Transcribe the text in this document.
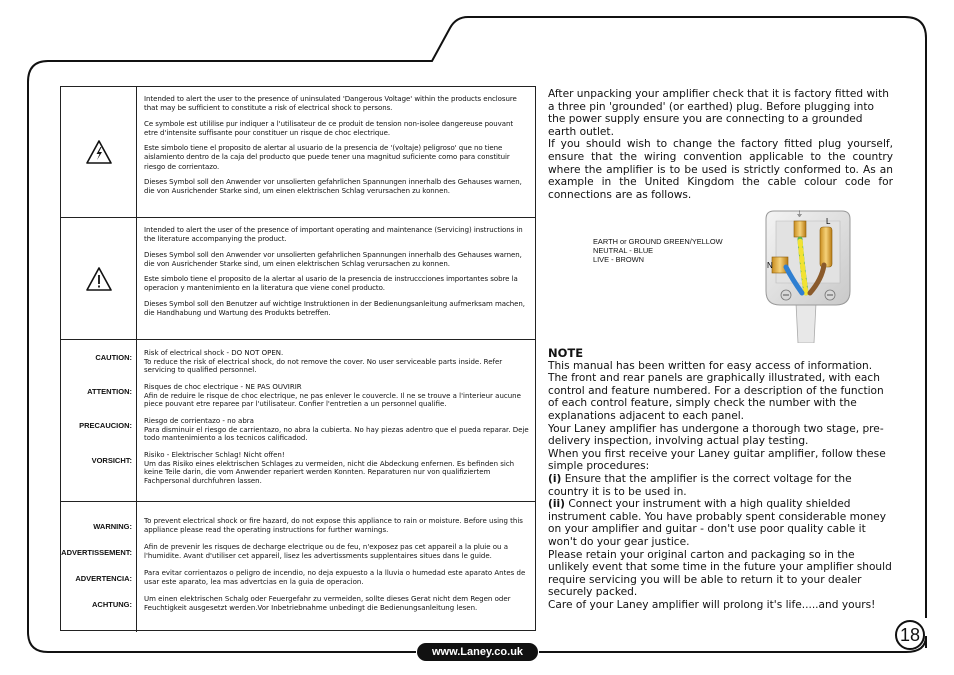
Intended to alert the user to the presence of uninsulated 'Dangerous Voltage' within the products enclosure that may be sufficient to constitute a risk of electrical shock to persons.

Ce symbole est utililise pur indiquer a l'utilisateur de ce produit de tension non-isolee dangereuse pouvant etre d'intensite suffisante pour constituer un risque de choc electrique.

Este simbolo tiene el proposito de alertar al usuario de la presencia de '(voltaje) peligroso' que no tiene aislamiento dentro de la caja del producto que puede tener una magnitud suficiente como para constituir riesgo de corrientazo.

Dieses Symbol soll den Anwender vor unsolierten gefahrlichen Spannungen innerhalb des Gehauses warnen, die von Ausrichender Starke sind, um einen elektrischen Schlag verursachen zu konnen.

Intended to alert the user of the presence of important operating and maintenance (Servicing) instructions in the literature accompanying the product.

Dieses Symbol soll den Anwender vor unsolierten gefahrlichen Spannungen innerhalb des Gehauses warnen, die von Ausrichender Starke sind, um einen elektrischen Schlag verursachen zu konnen.

Este simbolo tiene el proposito de la alertar al usario de la presencia de instruccciones importantes sobre la operacion y mantenimiento en la literatura que viene conel producto.

Dieses Symbol soll den Benutzer auf wichtige Instruktionen in der Bedienungsanleitung aufmerksam machen, die Handhabung und Wartung des Produkts betreffen.

CAUTION:
ATTENTION:
PRECAUCION:
VORSICHT:
Risk of electrical shock - DO NOT OPEN.
To reduce the risk of electrical shock, do not remove the cover. No user serviceable parts inside. Refer servicing to qualified personnel.
Risques de choc electrique - NE PAS OUVIRIR
Afin de reduire le risque de choc electrique, ne pas enlever le couvercle. Il ne se trouve a l'interieur aucune piece pouvant etre reparee par l'utilisateur. Confier l'entretien a un personnel qualifie.
Riesgo de corrientazo - no abra
Para disminuir el riesgo de carrientazo, no abra la cubierta. No hay piezas adentro que el pueda reparar. Deje todo mantenimiento a los tecnicos calificadod.
Risiko - Elektrischer Schlag! Nicht offen!
Um das Risiko eines elektrischen Schlages zu vermeiden, nicht die Abdeckung enfernen. Es befinden sich keine Teile darin, die vom Anwender repariert werden Konnten. Reparaturen nur von qualifiziertem Fachpersonal durchfuhren lassen.
WARNING:
ADVERTISSEMENT:
ADVERTENCIA:
ACHTUNG:
To prevent electrical shock or fire hazard, do not expose this appliance to rain or moisture. Before using this appliance please read the operating instructions for further warnings.
Afin de prevenir les risques de decharge electrique ou de feu, n'exposez pas cet appareil a la pluie ou a l'humidite. Avant d'utiliser cet appareil, lisez les advertissments supplentaires situes dans le guide.
Para evitar corrientazos o peligro de incendio, no deja expuesto a la lluvia o humedad este aparato Antes de usar este aparato, lea mas advertcias en la guia de operacion.
Um einen elektrischen Schalg oder Feuergefahr zu vermeiden, sollte dieses Gerat nicht dem Regen oder Feuchtigkeit ausgesetzt werden.Vor Inbetriebnahme unbedingt die Bedienungsanleitung lesen.

After unpacking your amplifier check that it is factory fitted with a three pin 'grounded' (or earthed) plug. Before plugging into the power supply ensure you are connecting to a grounded earth outlet.

If you should wish to change the factory fitted plug yourself, ensure that the wiring convention applicable to the country where the amplifier is to be used is strictly conformed to. As an example in the United Kingdom the cable colour code for connections are as follows.

EARTH or GROUND GREEN/YELLOW
NEUTRAL - BLUE
LIVE - BROWN
⏚
L
N

NOTE

This manual has been written for easy access of information. The front and rear panels are graphically illustrated, with each control and feature numbered. For a description of the function of each control feature, simply check the number with the explanations adjacent to each panel.

Your Laney amplifier has undergone a thorough two stage, pre-delivery inspection, involving actual play testing.

When you first receive your Laney guitar amplifier, follow these simple procedures:

(i) Ensure that the amplifier is the correct voltage for the country it is to be used in.

(ii) Connect your instrument with a high quality shielded instrument cable. You have probably spent considerable money on your amplifier and guitar - don't use poor quality cable it won't do your gear justice.

Please retain your original carton and packaging so in the unlikely event that some time in the future your amplifier should require servicing you will be able to return it to your dealer securely packed.

Care of your Laney amplifier will prolong it's life.....and yours!

www.Laney.co.uk
18
